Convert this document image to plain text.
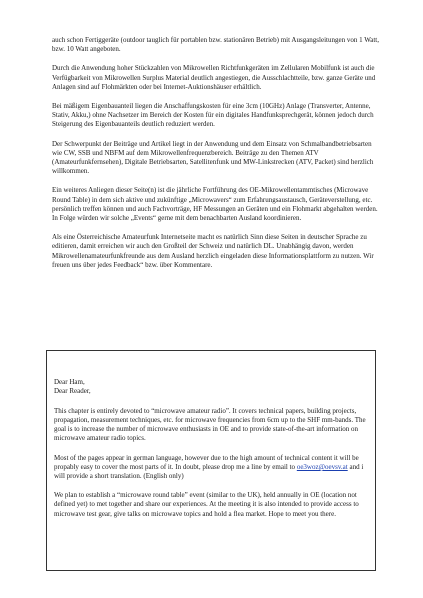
auch schon Fertiggeräte (outdoor tauglich für portablen bzw. stationären Betrieb) mit Ausgangsleitungen von 1 Watt, bzw. 10 Watt angeboten.

Durch die Anwendung hoher Stückzahlen von Mikrowellen Richtfunkgeräten im Zellularen Mobilfunk ist auch die Verfügbarkeit von Mikrowellen Surplus Material deutlich angestiegen, die Ausschlachtteile, bzw. ganze Geräte und Anlagen sind auf Flohmärkten oder bei Internet-Auktionshäuser erhältlich.

Bei mäßigem Eigenbauanteil liegen die Anschaffungskosten für eine 3cm (10GHz) Anlage (Transverter, Antenne, Stativ, Akku,) ohne Nachsetzer im Bereich der Kosten für ein digitales Handfunksprechgerät, können jedoch durch Steigerung des Eigenbauanteils deutlich reduziert werden.

Der Schwerpunkt der Beiträge und Artikel liegt in der Anwendung und dem Einsatz von Schmalbandbetriebsarten wie CW, SSB und NBFM auf dem Mikrowellenfrequenzbereich. Beiträge zu den Themen ATV (Amateurfunkfernsehen), Digitale Betriebsarten, Satellitenfunk und MW-Linkstrecken (ATV, Packet) sind herzlich willkommen.

Ein weiteres Anliegen dieser Seite(n) ist die jährliche Fortführung des OE-Mikrowellentammtisches (Microwave Round Table) in dem sich aktive und zukünftige „Microwavers“ zum Erfahrungsaustausch, Geräteverstellung, etc. persönlich treffen können und auch Fachvorträge, HF Messungen an Geräten und ein Flohmarkt abgehalten werden. In Folge würden wir solche „Events“ gerne mit dem benachbarten Ausland koordinieren.

Als eine Österreichische Amateurfunk Internetseite macht es natürlich Sinn diese Seiten in deutscher Sprache zu editieren, damit erreichen wir auch den Großteil der Schweiz und natürlich DL. Unabhängig davon, werden Mikrowellenamateurfunkfreunde aus dem Ausland herzlich eingeladen diese Informationsplattform zu nutzen. Wir freuen uns über jedes Feedback“ bzw. über Kommentare.

Dear Ham,
Dear Reader,

This chapter is entirely devoted to “microwave amateur radio”. It covers technical papers, building projects, propagation, measurement techniques, etc. for microwave frequencies from 6cm up to the SHF mm-bands. The goal is to increase the number of microwave enthusiasts in OE and to provide state-of-the-art information on microwave amateur radio topics.

Most of the pages appear in german language, however due to the high amount of technical content it will be propably easy to cover the most parts of it. In doubt, please drop me a line by email to oe3woz@oevsv.at and i will provide a short translation. (English only)

We plan to establish a “microwave round table” event (similar to the UK), held annually in OE (location not defined yet) to met together and share our experiences. At the meeting it is also intended to provide access to microwave test gear, give talks on microwave topics and hold a flea market. Hope to meet you there.
